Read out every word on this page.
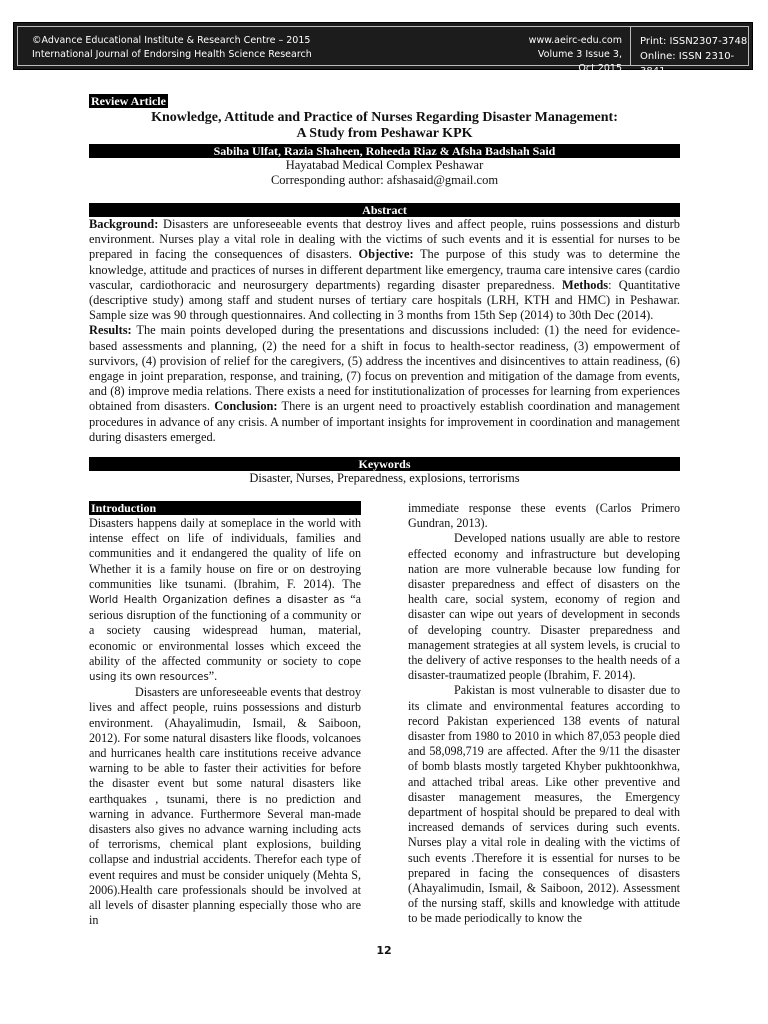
©Advance Educational Institute & Research Centre – 2015
International Journal of Endorsing Health Science Research
www.aeirc-edu.com
Volume 3 Issue 3, Oct 2015
Print: ISSN2307-3748
Online: ISSN 2310-3841
Review Article
Knowledge, Attitude and Practice of Nurses Regarding Disaster Management:
A Study from Peshawar KPK
Sabiha Ulfat, Razia Shaheen, Roheeda Riaz & Afsha Badshah Said
Hayatabad Medical Complex Peshawar
Corresponding author: afshasaid@gmail.com
Abstract
Background: Disasters are unforeseeable events that destroy lives and affect people, ruins possessions and disturb environment. Nurses play a vital role in dealing with the victims of such events and it is essential for nurses to be prepared in facing the consequences of disasters. Objective: The purpose of this study was to determine the knowledge, attitude and practices of nurses in different department like emergency, trauma care intensive cares (cardio vascular, cardiothoracic and neurosurgery departments) regarding disaster preparedness. Methods: Quantitative (descriptive study) among staff and student nurses of tertiary care hospitals (LRH, KTH and HMC) in Peshawar. Sample size was 90 through questionnaires. And collecting in 3 months from 15th Sep (2014) to 30th Dec (2014).
Results: The main points developed during the presentations and discussions included: (1) the need for evidence-based assessments and planning, (2) the need for a shift in focus to health-sector readiness, (3) empowerment of survivors, (4) provision of relief for the caregivers, (5) address the incentives and disincentives to attain readiness, (6) engage in joint preparation, response, and training, (7) focus on prevention and mitigation of the damage from events, and (8) improve media relations. There exists a need for institutionalization of processes for learning from experiences obtained from disasters. Conclusion: There is an urgent need to proactively establish coordination and management procedures in advance of any crisis. A number of important insights for improvement in coordination and management during disasters emerged.
Keywords
Disaster, Nurses, Preparedness, explosions, terrorisms
Introduction

Disasters happens daily at someplace in the world with intense effect on life of individuals, families and communities and it endangered the quality of life on Whether it is a family house on fire or on destroying communities like tsunami. (Ibrahim, F. 2014). The World Health Organization defines a disaster as “a serious disruption of the functioning of a community or a society causing widespread human, material, economic or environmental losses which exceed the ability of the affected community or society to cope using its own resources”.

Disasters are unforeseeable events that destroy lives and affect people, ruins possessions and disturb environment. (Ahayalimudin, Ismail, & Saiboon, 2012). For some natural disasters like floods, volcanoes and hurricanes health care institutions receive advance warning to be able to faster their activities for before the disaster event but some natural disasters like earthquakes , tsunami, there is no prediction and warning in advance. Furthermore Several man-made disasters also gives no advance warning including acts of terrorisms, chemical plant explosions, building collapse and industrial accidents. Therefor each type of event requires and must be consider uniquely (Mehta S, 2006).Health care professionals should be involved at all levels of disaster planning especially those who are in

immediate response these events (Carlos Primero Gundran, 2013).

Developed nations usually are able to restore effected economy and infrastructure but developing nation are more vulnerable because low funding for disaster preparedness and effect of disasters on the health care, social system, economy of region and disaster can wipe out years of development in seconds of developing country. Disaster preparedness and management strategies at all system levels, is crucial to the delivery of active responses to the health needs of a disaster-traumatized people (Ibrahim, F. 2014).

Pakistan is most vulnerable to disaster due to its climate and environmental features according to record Pakistan experienced 138 events of natural disaster from 1980 to 2010 in which 87,053 people died and 58,098,719 are affected. After the 9/11 the disaster of bomb blasts mostly targeted Khyber pukhtoonkhwa, and attached tribal areas. Like other preventive and disaster management measures, the Emergency department of hospital should be prepared to deal with increased demands of services during such events. Nurses play a vital role in dealing with the victims of such events .Therefore it is essential for nurses to be prepared in facing the consequences of disasters (Ahayalimudin, Ismail, & Saiboon, 2012). Assessment of the nursing staff, skills and knowledge with attitude to be made periodically to know the

12
